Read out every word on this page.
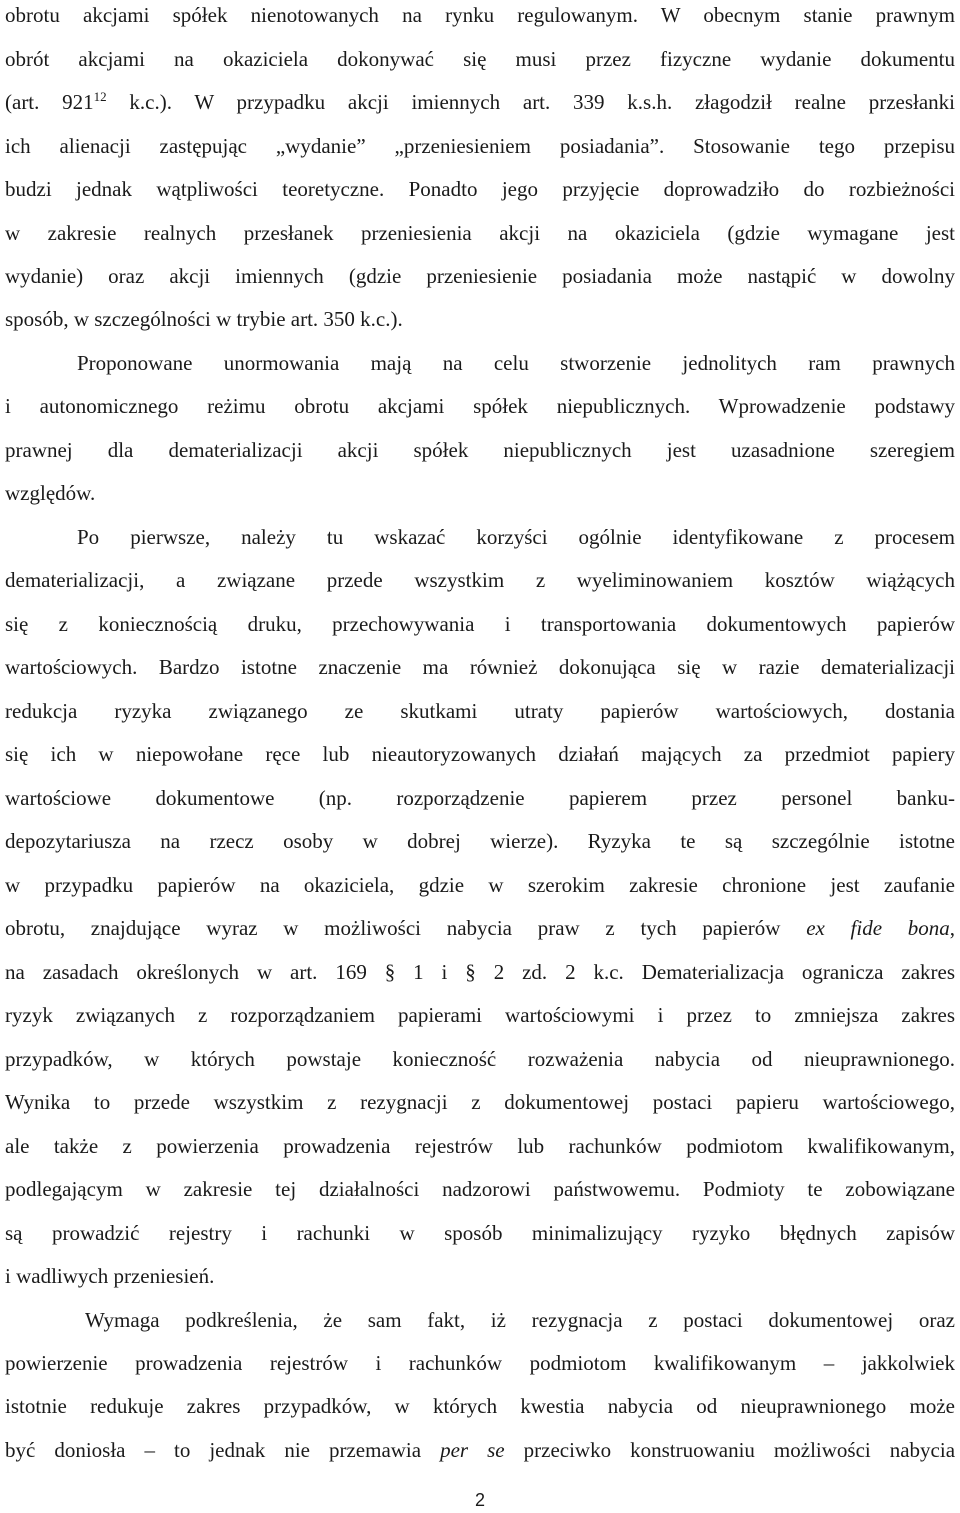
obrotu akcjami spółek nienotowanych na rynku regulowanym. W obecnym stanie prawnym
obrót akcjami na okaziciela dokonywać się musi przez fizyczne wydanie dokumentu
(art. $921^{12}$ k.c.). W przypadku akcji imiennych art. 339 k.s.h. złagodził realne przesłanki
ich alienacji zastępując „wydanie” „przeniesieniem posiadania”. Stosowanie tego przepisu
budzi jednak wątpliwości teoretyczne. Ponadto jego przyjęcie doprowadziło do rozbieżności
w zakresie realnych przesłanek przeniesienia akcji na okaziciela (gdzie wymagane jest
wydanie) oraz akcji imiennych (gdzie przeniesienie posiadania może nastąpić w dowolny
sposób, w szczególności w trybie art. 350 k.c.).
Proponowane unormowania mają na celu stworzenie jednolitych ram prawnych
i autonomicznego reżimu obrotu akcjami spółek niepublicznych. Wprowadzenie podstawy
prawnej dla dematerializacji akcji spółek niepublicznych jest uzasadnione szeregiem
względów.
Po pierwsze, należy tu wskazać korzyści ogólnie identyfikowane z procesem
dematerializacji, a związane przede wszystkim z wyeliminowaniem kosztów wiążących
się z koniecznością druku, przechowywania i transportowania dokumentowych papierów
wartościowych. Bardzo istotne znaczenie ma również dokonująca się w razie dematerializacji
redukcja ryzyka związanego ze skutkami utraty papierów wartościowych, dostania
się ich w niepowołane ręce lub nieautoryzowanych działań mających za przedmiot papiery
wartościowe dokumentowe (np. rozporządzenie papierem przez personel banku-
depozytariusza na rzecz osoby w dobrej wierze). Ryzyka te są szczególnie istotne
w przypadku papierów na okaziciela, gdzie w szerokim zakresie chronione jest zaufanie
obrotu, znajdujące wyraz w możliwości nabycia praw z tych papierów ex fide bona,
na zasadach określonych w art. 169 § 1 i § 2 zd. 2 k.c. Dematerializacja ogranicza zakres
ryzyk związanych z rozporządzaniem papierami wartościowymi i przez to zmniejsza zakres
przypadków, w których powstaje konieczność rozważenia nabycia od nieuprawnionego.
Wynika to przede wszystkim z rezygnacji z dokumentowej postaci papieru wartościowego,
ale także z powierzenia prowadzenia rejestrów lub rachunków podmiotom kwalifikowanym,
podlegającym w zakresie tej działalności nadzorowi państwowemu. Podmioty te zobowiązane
są prowadzić rejestry i rachunki w sposób minimalizujący ryzyko błędnych zapisów
i wadliwych przeniesień.
Wymaga podkreślenia, że sam fakt, iż rezygnacja z postaci dokumentowej oraz
powierzenie prowadzenia rejestrów i rachunków podmiotom kwalifikowanym – jakkolwiek
istotnie redukuje zakres przypadków, w których kwestia nabycia od nieuprawnionego może
być doniosła – to jednak nie przemawia per se przeciwko konstruowaniu możliwości nabycia
2
